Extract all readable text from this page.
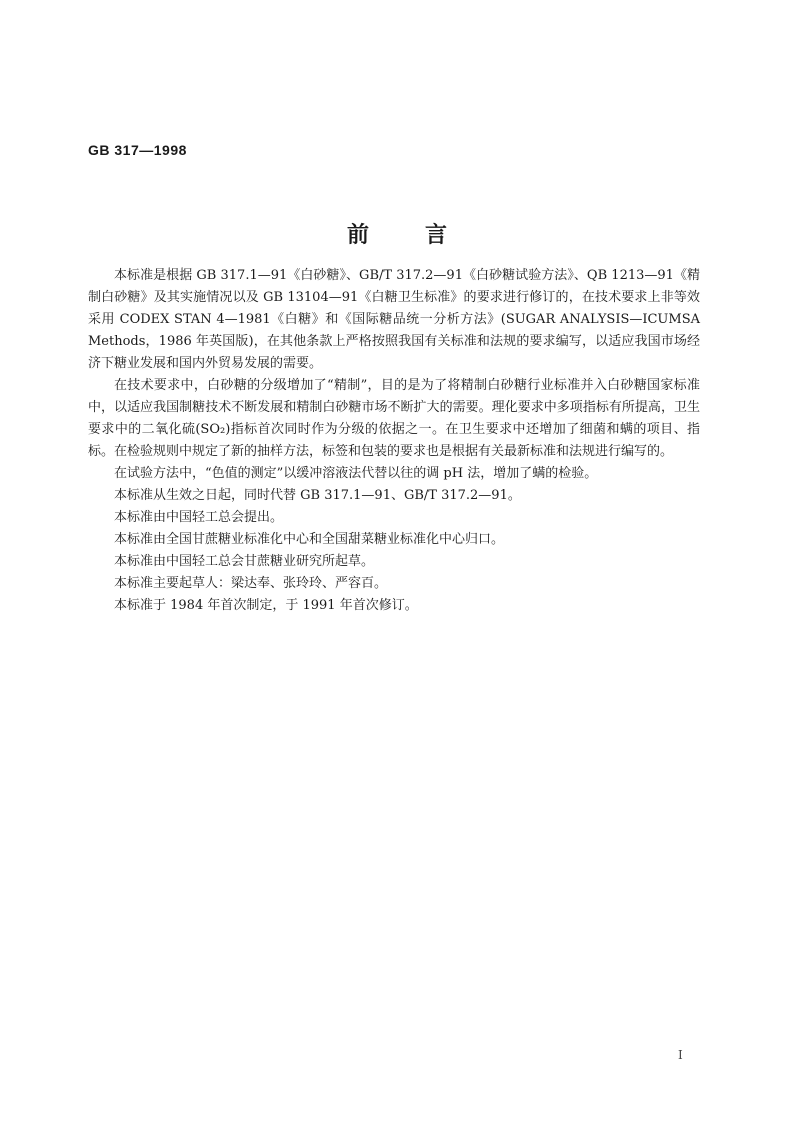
GB 317—1998
前	言

本标准是根据 GB 317.1—91《白砂糖》、GB/T 317.2—91《白砂糖试验方法》、QB 1213—91《精制白砂糖》及其实施情况以及 GB 13104—91《白糖卫生标准》的要求进行修订的，在技术要求上非等效采用 CODEX STAN 4—1981《白糖》和《国际糖品统一分析方法》(SUGAR ANALYSIS—ICUMSA Methods，1986 年英国版)，在其他条款上严格按照我国有关标准和法规的要求编写，以适应我国市场经济下糖业发展和国内外贸易发展的需要。

在技术要求中，白砂糖的分级增加了“精制”，目的是为了将精制白砂糖行业标准并入白砂糖国家标准中，以适应我国制糖技术不断发展和精制白砂糖市场不断扩大的需要。理化要求中多项指标有所提高，卫生要求中的二氧化硫(SO₂)指标首次同时作为分级的依据之一。在卫生要求中还增加了细菌和螨的项目、指标。在检验规则中规定了新的抽样方法，标签和包装的要求也是根据有关最新标准和法规进行编写的。

在试验方法中，“色值的测定”以缓冲溶液法代替以往的调 pH 法，增加了螨的检验。

本标准从生效之日起，同时代替 GB 317.1—91、GB/T 317.2—91。

本标准由中国轻工总会提出。

本标准由全国甘蔗糖业标准化中心和全国甜菜糖业标准化中心归口。

本标准由中国轻工总会甘蔗糖业研究所起草。

本标准主要起草人：梁达奉、张玲玲、严容百。

本标准于 1984 年首次制定，于 1991 年首次修订。

I
